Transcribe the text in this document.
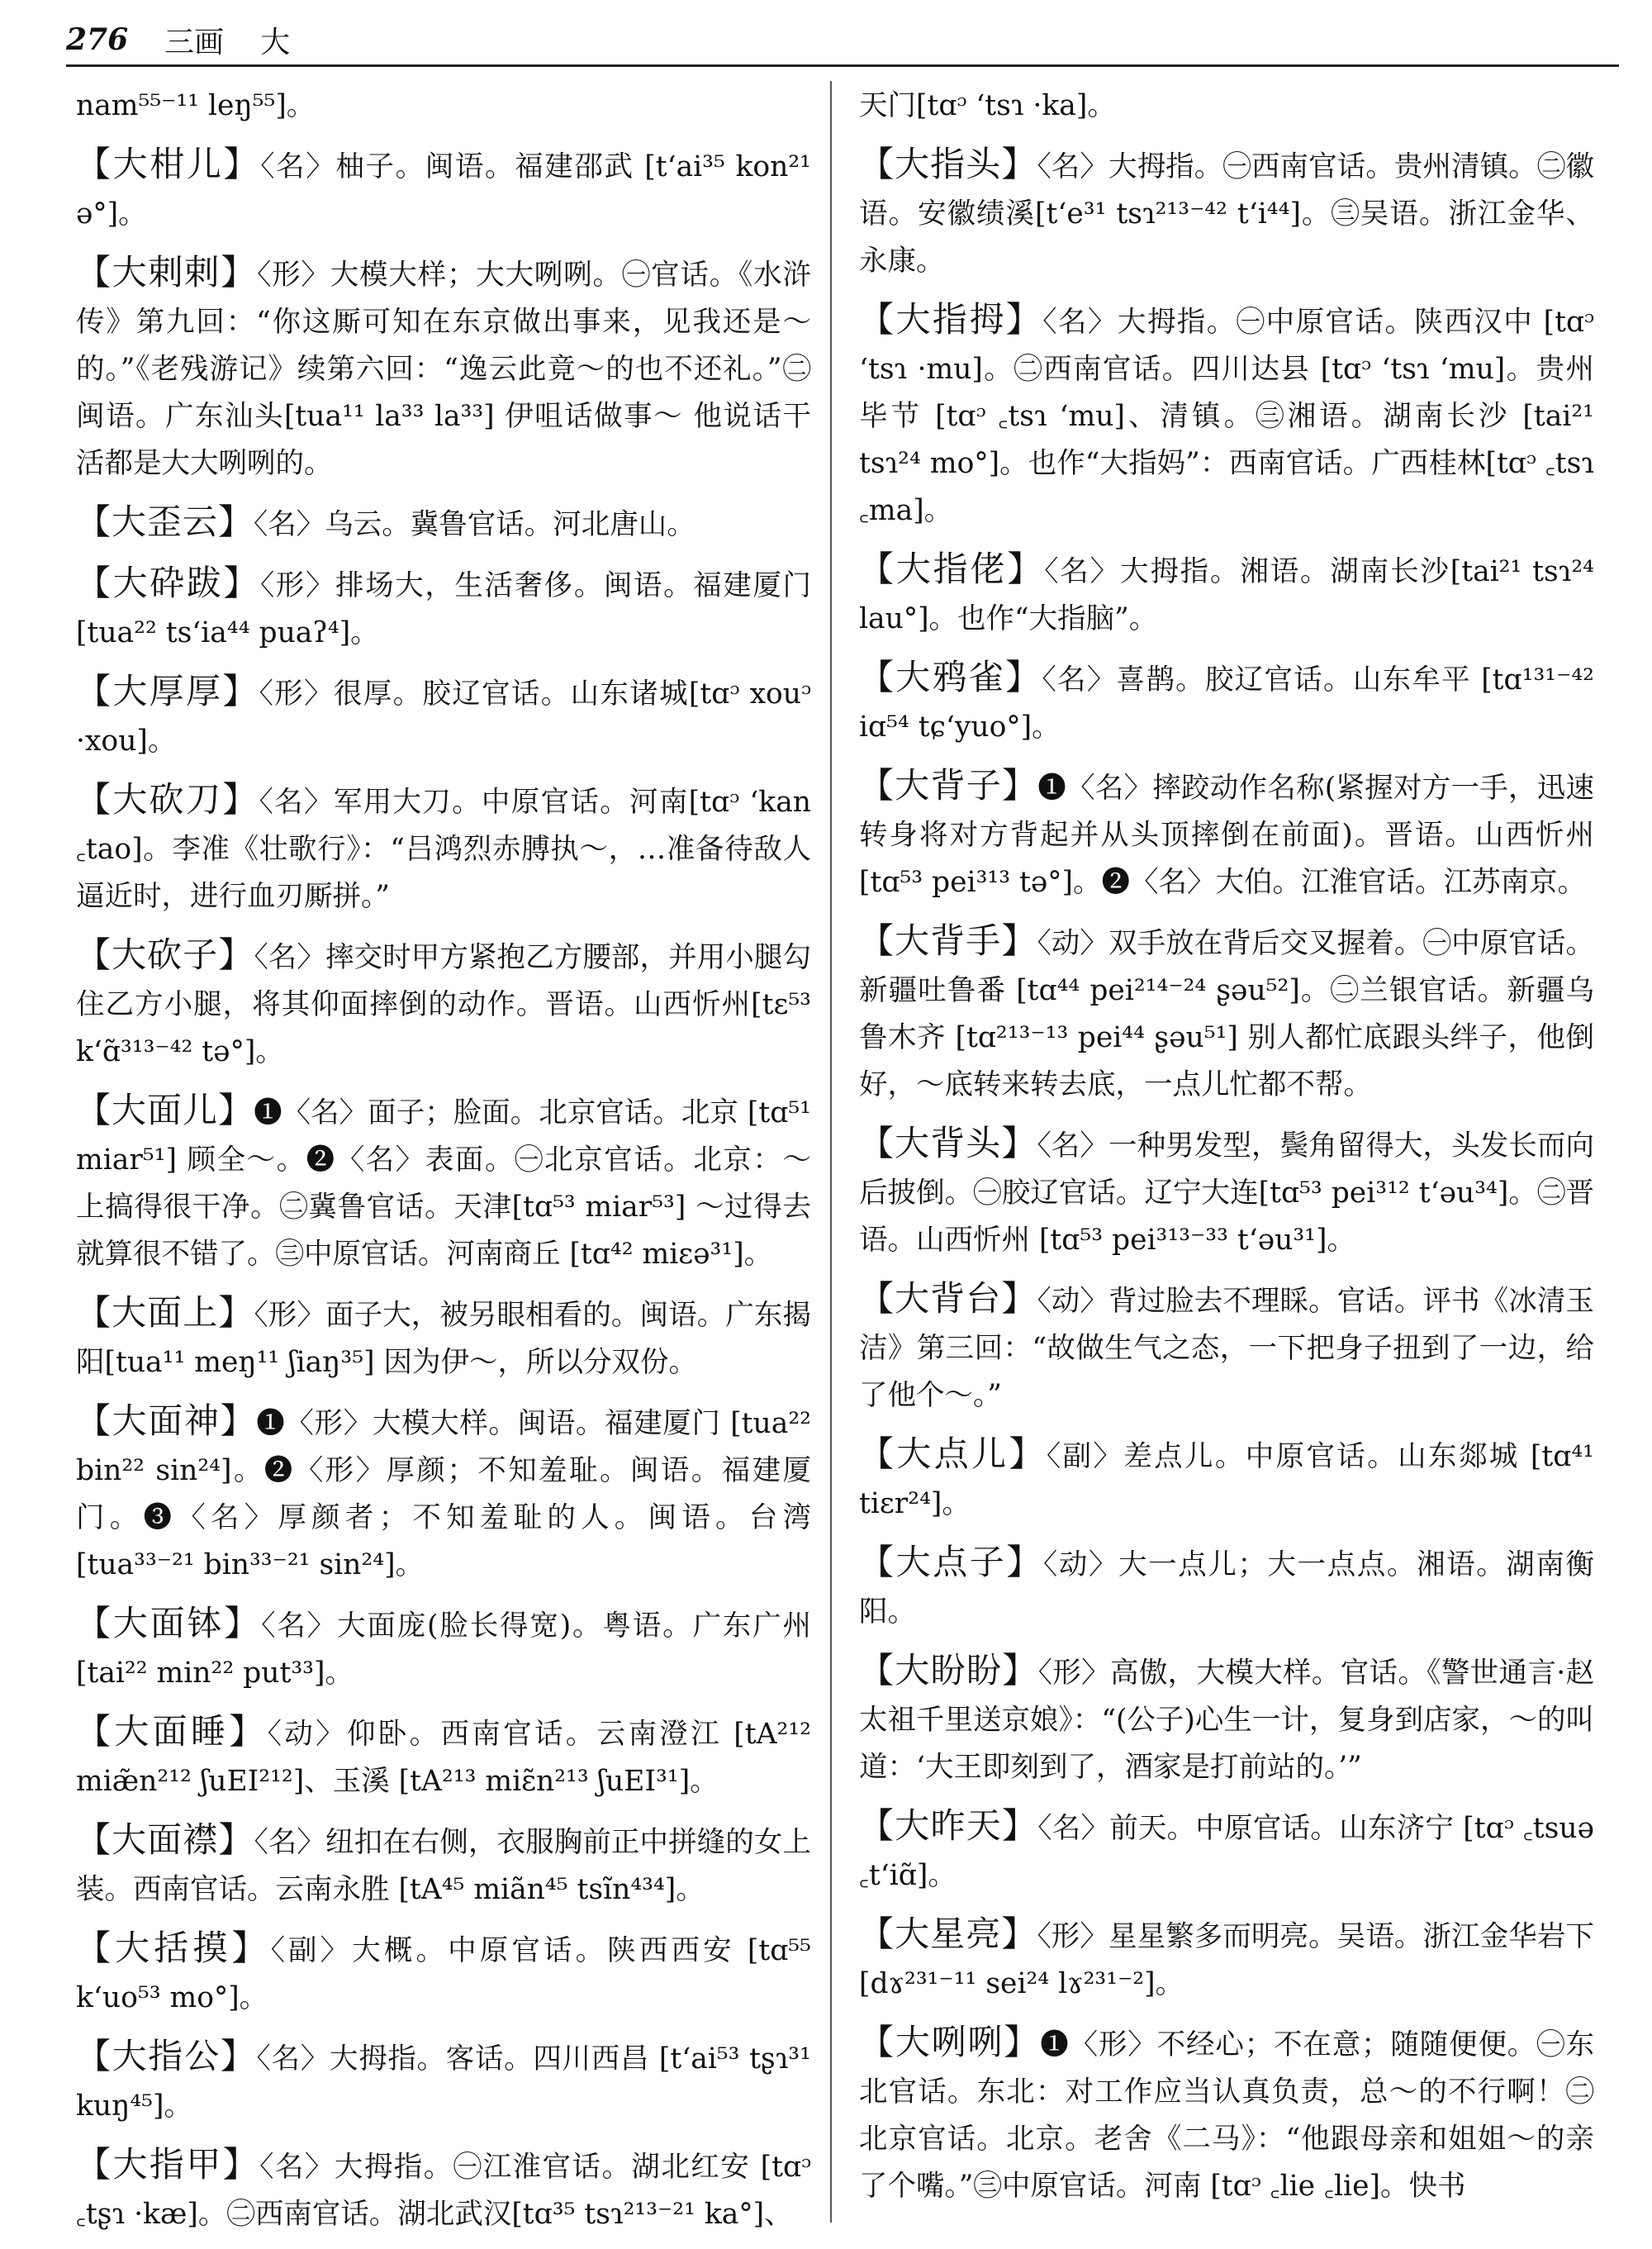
276 三画 大

nam⁵⁵⁻¹¹ leŋ⁵⁵]。

【大柑儿】〈名〉柚子。闽语。福建邵武 [tʻai³⁵ kon²¹ ə°]。

【大剌剌】〈形〉大模大样；大大咧咧。㊀官话。《水浒传》第九回：“你这厮可知在东京做出事来，见我还是～的。”《老残游记》续第六回：“逸云此竟～的也不还礼。”㊁闽语。广东汕头[tua¹¹ la³³ la³³] 伊咀话做事～ 他说话干活都是大大咧咧的。

【大歪云】〈名〉乌云。冀鲁官话。河北唐山。

【大砕跋】〈形〉排场大，生活奢侈。闽语。福建厦门 [tua²² tsʻia⁴⁴ puaʔ⁴]。

【大厚厚】〈形〉很厚。胶辽官话。山东诸城[tɑᵓ xouᵓ ·xou]。

【大砍刀】〈名〉军用大刀。中原官话。河南[tɑᵓ ʻkan ꜀tao]。李准《壮歌行》：“吕鸿烈赤膊执～，…准备待敌人逼近时，进行血刃厮拼。”

【大砍子】〈名〉摔交时甲方紧抱乙方腰部，并用小腿勾住乙方小腿，将其仰面摔倒的动作。晋语。山西忻州[tɛ⁵³ kʻɑ̃³¹³⁻⁴² tə°]。

【大面儿】❶〈名〉面子；脸面。北京官话。北京 [tɑ⁵¹ miar⁵¹] 顾全～。❷〈名〉表面。㊀北京官话。北京：～上搞得很干净。㊁冀鲁官话。天津[tɑ⁵³ miar⁵³] ～过得去就算很不错了。㊂中原官话。河南商丘 [tɑ⁴² miɛə³¹]。

【大面上】〈形〉面子大，被另眼相看的。闽语。广东揭阳[tua¹¹ meŋ¹¹ ʃiaŋ³⁵] 因为伊～，所以分双份。

【大面神】❶〈形〉大模大样。闽语。福建厦门 [tua²² bin²² sin²⁴]。❷〈形〉厚颜；不知羞耻。闽语。福建厦门。❸〈名〉厚颜者；不知羞耻的人。闽语。台湾 [tua³³⁻²¹ bin³³⁻²¹ sin²⁴]。

【大面钵】〈名〉大面庞(脸长得宽)。粤语。广东广州 [tai²² min²² put³³]。

【大面睡】〈动〉仰卧。西南官话。云南澄江 [tA²¹² miæ̃n²¹² ʃuEI²¹²]、玉溪 [tA²¹³ miɛ̃n²¹³ ʃuEI³¹]。

【大面襟】〈名〉纽扣在右侧，衣服胸前正中拼缝的女上装。西南官话。云南永胜 [tA⁴⁵ miãn⁴⁵ tsĩn⁴³⁴]。

【大括摸】〈副〉大概。中原官话。陕西西安 [tɑ⁵⁵ kʻuo⁵³ mo°]。

【大指公】〈名〉大拇指。客话。四川西昌 [tʻai⁵³ tʂɿ³¹ kuŋ⁴⁵]。

【大指甲】〈名〉大拇指。㊀江淮官话。湖北红安 [tɑᵓ ꜀tʂɿ ·kæ]。㊁西南官话。湖北武汉[tɑ³⁵ tsɿ²¹³⁻²¹ ka°]、

天门[tɑᵓ ʻtsɿ ·ka]。

【大指头】〈名〉大拇指。㊀西南官话。贵州清镇。㊁徽语。安徽绩溪[tʻe³¹ tsɿ²¹³⁻⁴² tʻi⁴⁴]。㊂吴语。浙江金华、永康。

【大指拇】〈名〉大拇指。㊀中原官话。陕西汉中 [tɑᵓ ʻtsɿ ·mu]。㊁西南官话。四川达县 [tɑᵓ ʻtsɿ ʻmu]。贵州毕节 [tɑᵓ ꜀tsɿ ʻmu]、清镇。㊂湘语。湖南长沙 [tai²¹ tsɿ²⁴ mo°]。也作“大指妈”：西南官话。广西桂林[tɑᵓ ꜀tsɿ ꜀ma]。

【大指佬】〈名〉大拇指。湘语。湖南长沙[tai²¹ tsɿ²⁴ lau°]。也作“大指脑”。

【大鸦雀】〈名〉喜鹊。胶辽官话。山东牟平 [tɑ¹³¹⁻⁴² iɑ⁵⁴ tɕʻyuo°]。

【大背子】❶〈名〉摔跤动作名称(紧握对方一手，迅速转身将对方背起并从头顶摔倒在前面)。晋语。山西忻州 [tɑ⁵³ pei³¹³ tə°]。❷〈名〉大伯。江淮官话。江苏南京。

【大背手】〈动〉双手放在背后交叉握着。㊀中原官话。新疆吐鲁番 [tɑ⁴⁴ pei²¹⁴⁻²⁴ ʂəu⁵²]。㊁兰银官话。新疆乌鲁木齐 [tɑ²¹³⁻¹³ pei⁴⁴ ʂəu⁵¹] 别人都忙底跟头绊子，他倒好，～底转来转去底，一点儿忙都不帮。

【大背头】〈名〉一种男发型，鬓角留得大，头发长而向后披倒。㊀胶辽官话。辽宁大连[tɑ⁵³ pei³¹² tʻəu³⁴]。㊁晋语。山西忻州 [tɑ⁵³ pei³¹³⁻³³ tʻəu³¹]。

【大背台】〈动〉背过脸去不理睬。官话。评书《冰清玉洁》第三回：“故做生气之态，一下把身子扭到了一边，给了他个～。”

【大点儿】〈副〉差点儿。中原官话。山东郯城 [tɑ⁴¹ tiɛr²⁴]。

【大点子】〈动〉大一点儿；大一点点。湘语。湖南衡阳。

【大盼盼】〈形〉高傲，大模大样。官话。《警世通言·赵太祖千里送京娘》：“(公子)心生一计，复身到店家，～的叫道：‘大王即刻到了，酒家是打前站的。’”

【大昨天】〈名〉前天。中原官话。山东济宁 [tɑᵓ ꜀tsuə ꜀tʻiɑ̃]。

【大星亮】〈形〉星星繁多而明亮。吴语。浙江金华岩下[dɤ²³¹⁻¹¹ sei²⁴ lɤ²³¹⁻²]。

【大咧咧】❶〈形〉不经心；不在意；随随便便。㊀东北官话。东北：对工作应当认真负责，总～的不行啊！㊁北京官话。北京。老舍《二马》：“他跟母亲和姐姐～的亲了个嘴。”㊂中原官话。河南 [tɑᵓ ꜀lie ꜀lie]。快书
